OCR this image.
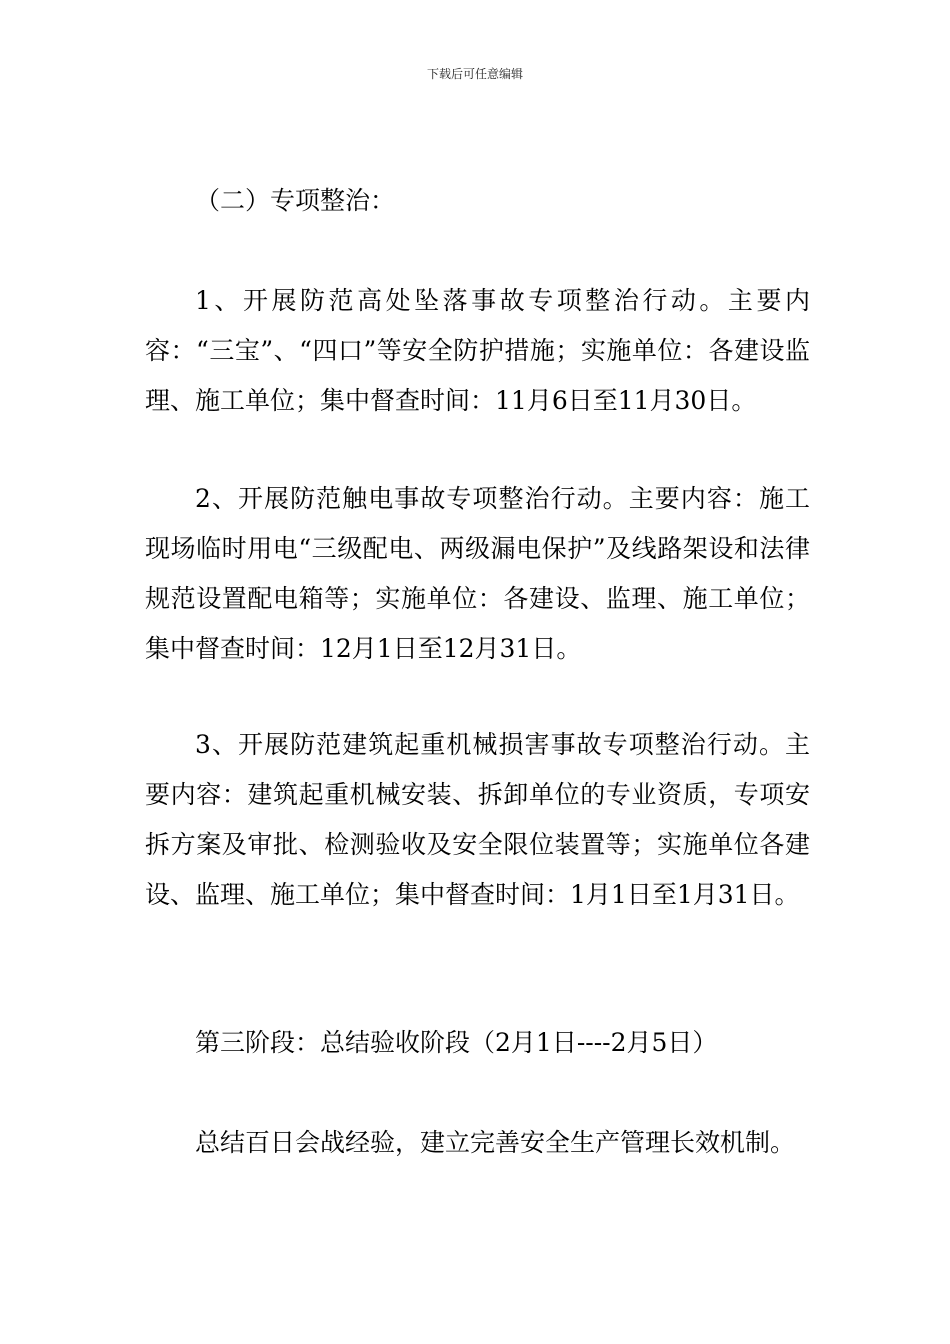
下载后可任意编辑

（二）专项整治：

1、开展防范高处坠落事故专项整治行动。主要内容：“三宝”、“四口”等安全防护措施；实施单位：各建设监理、施工单位；集中督查时间：11月6日至11月30日。

2、开展防范触电事故专项整治行动。主要内容：施工现场临时用电“三级配电、两级漏电保护”及线路架设和法律规范设置配电箱等；实施单位：各建设、监理、施工单位；集中督查时间：12月1日至12月31日。

3、开展防范建筑起重机械损害事故专项整治行动。主要内容：建筑起重机械安装、拆卸单位的专业资质，专项安拆方案及审批、检测验收及安全限位装置等；实施单位各建设、监理、施工单位；集中督查时间：1月1日至1月31日。

第三阶段：总结验收阶段（2月1日----2月5日）

总结百日会战经验，建立完善安全生产管理长效机制。
